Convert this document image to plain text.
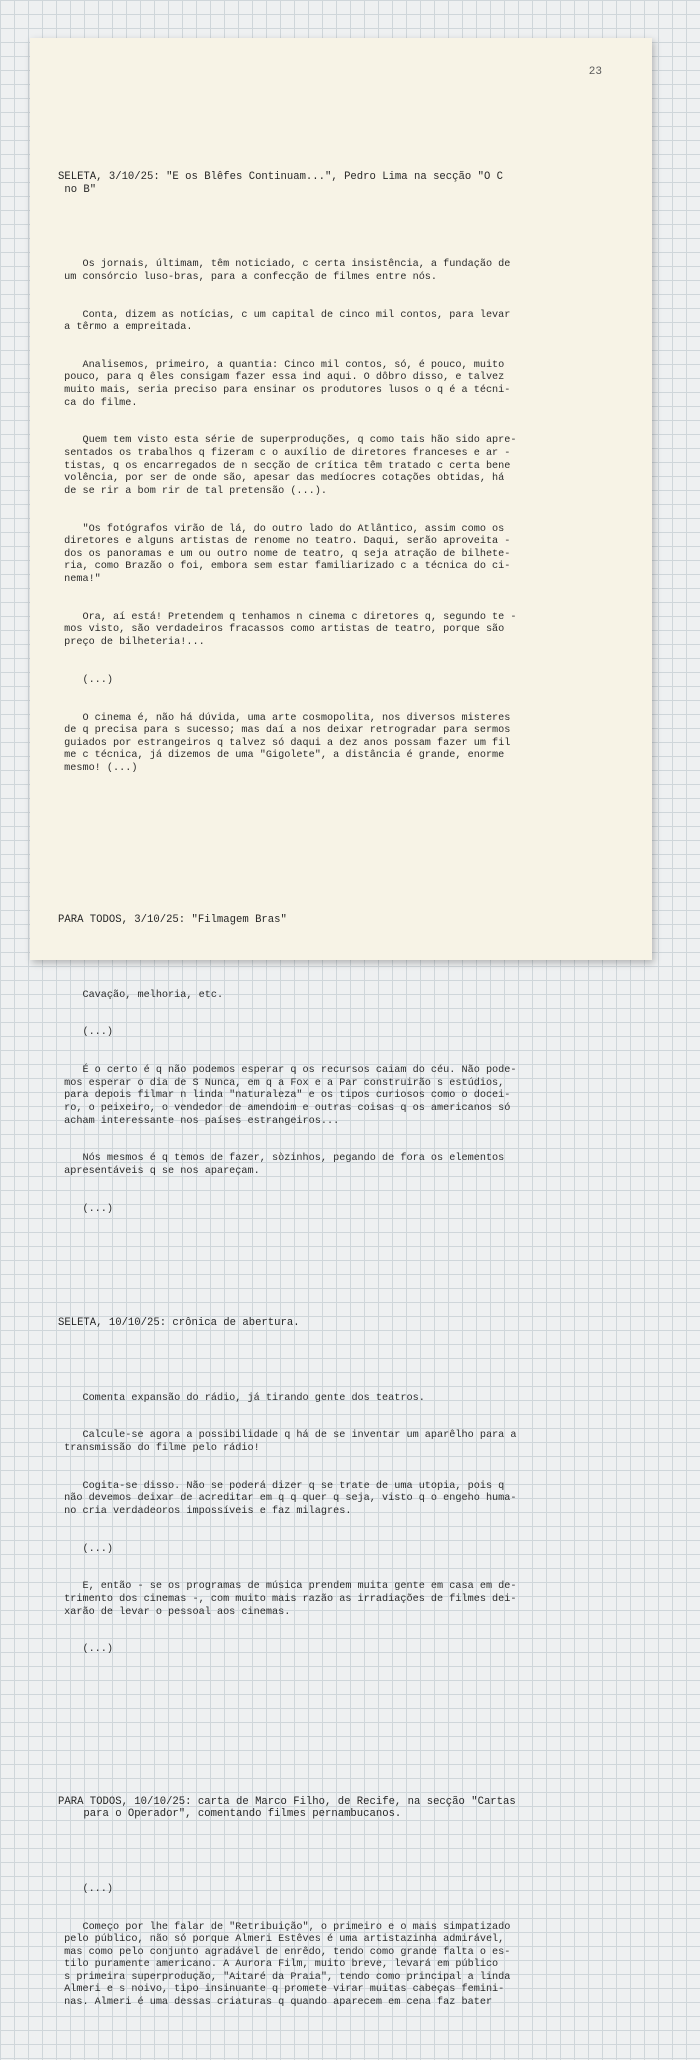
23

SELETA, 3/10/25: "E os Blêfes Continuam...", Pedro Lima na secção "O C
no B"

Os jornais, últimam, têm noticiado, c certa insistência, a fundação de
um consórcio luso-bras, para a confecção de filmes entre nós.

Conta, dizem as notícias, c um capital de cinco mil contos, para levar
a têrmo a empreitada.

Analisemos, primeiro, a quantia: Cinco mil contos, só, é pouco, muito
pouco, para q êles consigam fazer essa ind aqui. O dôbro disso, e talvez
muito mais, seria preciso para ensinar os produtores lusos o q é a técni-
ca do filme.

Quem tem visto esta série de superproduções, q como tais hão sido apre-
sentados os trabalhos q fizeram c o auxílio de diretores franceses e ar -
tistas, q os encarregados de n secção de crítica têm tratado c certa bene
volência, por ser de onde são, apesar das medíocres cotações obtidas, há
de se rir a bom rir de tal pretensão (...).

"Os fotógrafos virão de lá, do outro lado do Atlântico, assim como os
diretores e alguns artistas de renome no teatro. Daqui, serão aproveita -
dos os panoramas e um ou outro nome de teatro, q seja atração de bilhete-
ria, como Brazão o foi, embora sem estar familiarizado c a técnica do ci-
nema!"

Ora, aí está! Pretendem q tenhamos n cinema c diretores q, segundo te -
mos visto, são verdadeiros fracassos como artistas de teatro, porque são
preço de bilheteria!...

(...)

O cinema é, não há dúvida, uma arte cosmopolita, nos diversos misteres
de q precisa para s sucesso; mas daí a nos deixar retrogradar para sermos
guiados por estrangeiros q talvez só daqui a dez anos possam fazer um fil
me c técnica, já dizemos de uma "Gigolete", a distância é grande, enorme
mesmo! (...)

PARA TODOS, 3/10/25: "Filmagem Bras"

Cavação, melhoria, etc.

(...)

É o certo é q não podemos esperar q os recursos caiam do céu. Não pode-
mos esperar o dia de S Nunca, em q a Fox e a Par construirão s estúdios,
para depois filmar n linda "naturaleza" e os tipos curiosos como o docei-
ro, o peixeiro, o vendedor de amendoim e outras coisas q os americanos só
acham interessante nos países estrangeiros...

Nós mesmos é q temos de fazer, sòzinhos, pegando de fora os elementos
apresentáveis q se nos apareçam.

(...)

SELETA, 10/10/25: crônica de abertura.

Comenta expansão do rádio, já tirando gente dos teatros.

Calcule-se agora a possibilidade q há de se inventar um aparêlho para a
transmissão do filme pelo rádio!

Cogita-se disso. Não se poderá dizer q se trate de uma utopia, pois q
não devemos deixar de acreditar em q q quer q seja, visto q o engeho huma-
no cria verdadeoros impossíveis e faz milagres.

(...)

E, então - se os programas de música prendem muita gente em casa em de-
trimento dos cinemas -, com muito mais razão as irradiações de filmes dei-
xarão de levar o pessoal aos cinemas.

(...)

PARA TODOS, 10/10/25: carta de Marco Filho, de Recife, na secção "Cartas
para o Operador", comentando filmes pernambucanos.

(...)

Começo por lhe falar de "Retribuição", o primeiro e o mais simpatizado
pelo público, não só porque Almeri Estêves é uma artistazinha admirável,
mas como pelo conjunto agradável de enrêdo, tendo como grande falta o es-
tilo puramente americano. A Aurora Film, muito breve, levará em público
s primeira superprodução, "Aitaré da Praia", tendo como principal a linda
Almeri e s noivo, tipo insinuante q promete virar muitas cabeças femini-
nas. Almeri é uma dessas criaturas q quando aparecem em cena faz bater
